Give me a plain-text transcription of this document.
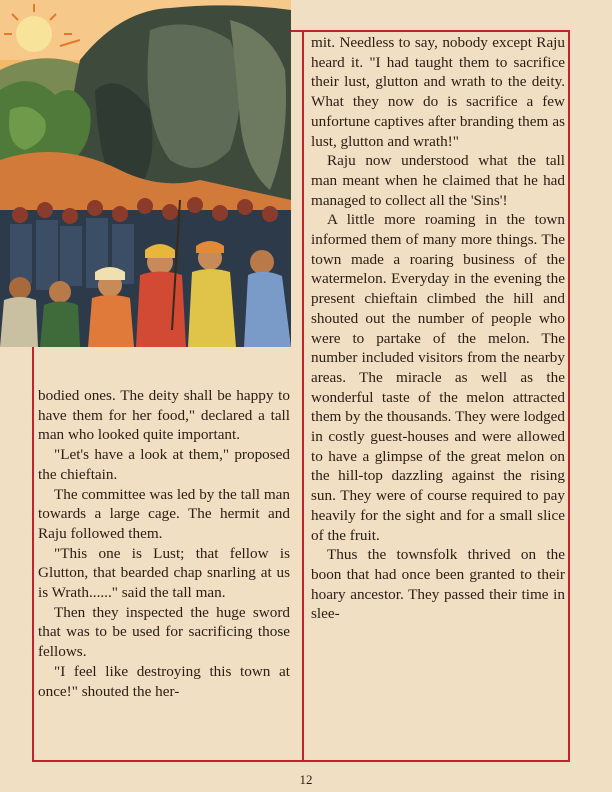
bodied ones. The deity shall be happy to have them for her food," declared a tall man who looked quite important.

"Let's have a look at them," proposed the chieftain.

The committee was led by the tall man towards a large cage. The hermit and Raju followed them.

"This one is Lust; that fellow is Glutton, that bearded chap snarling at us is Wrath......" said the tall man.

Then they inspected the huge sword that was to be used for sacrificing those fellows.

"I feel like destroying this town at once!" shouted the her-

mit. Needless to say, nobody except Raju heard it. "I had taught them to sacrifice their lust, glutton and wrath to the deity. What they now do is sacrifice a few unfortune captives after branding them as lust, glutton and wrath!"

Raju now understood what the tall man meant when he claimed that he had managed to collect all the 'Sins'!

A little more roaming in the town informed them of many more things. The town made a roaring business of the watermelon. Everyday in the evening the present chieftain climbed the hill and shouted out the number of people who were to partake of the melon. The number included visitors from the nearby areas. The miracle as well as the wonderful taste of the melon attracted them by the thousands. They were lodged in costly guest-houses and were allowed to have a glimpse of the great melon on the hill-top dazzling against the rising sun. They were of course required to pay heavily for the sight and for a small slice of the fruit.

Thus the townsfolk thrived on the boon that had once been granted to their hoary ancestor. They passed their time in slee-

12
